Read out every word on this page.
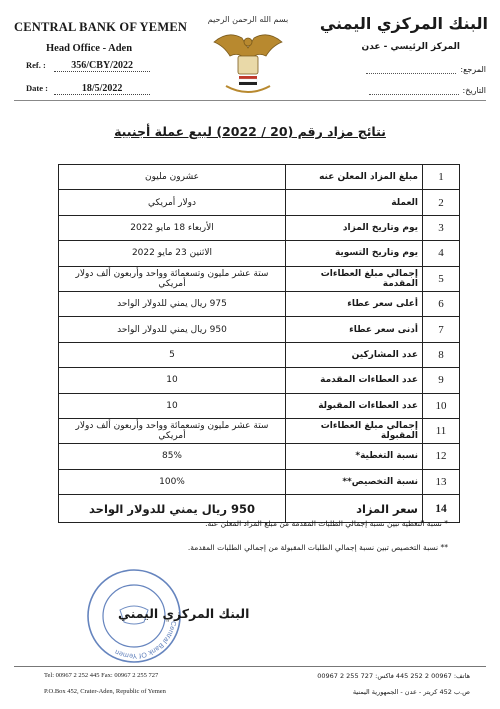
CENTRAL BANK OF YEMEN
Head Office - Aden
Ref. :	356/CBY/2022
Date :	18/5/2022
بسم الله الرحمن الرحيم البنك المركزي اليمني
المركز الرئيسي - عدن
المرجع:
التاريخ:
نتائج مزاد رقم (20 / 2022) لبيع عملة أجنبية
1	مبلغ المزاد المعلن عنه	عشرون مليون
2	العملة	دولار أمريكي
3	يوم وتاريخ المزاد	الأربعاء 18 مايو 2022
4	يوم وتاريخ التسوية	الاثنين 23 مايو 2022
5	إجمالي مبلغ العطاءات المقدمة	ستة عشر مليون وتسعمائة وواحد وأربعون ألف دولار أمريكي
6	أعلى سعر عطاء	975 ريال يمني للدولار الواحد
7	أدنى سعر عطاء	950 ريال يمني للدولار الواحد
8	عدد المشاركين	5
9	عدد العطاءات المقدمة	10
10	عدد العطاءات المقبولة	10
11	إجمالي مبلغ العطاءات المقبولة	ستة عشر مليون وتسعمائة وواحد وأربعون ألف دولار أمريكي
12	نسبة التغطية*	85%
13	نسبة التخصيص**	100%
14	سعر المزاد	950 ريال يمني للدولار الواحد
* نسبة التغطية تبين نسبة إجمالي الطلبات المقدمة من مبلغ المزاد المعلن عنه.
** نسبة التخصيص تبين نسبة إجمالي الطلبات المقبولة من إجمالي الطلبات المقدمة.
Central Bank Of Yemen
البنك المركزي اليمني
Tel: 00967 2 252 445 Fax: 00967 2 255 727
P.O.Box 452, Crater-Aden, Republic of Yemen
هاتف: 00967 2 252 445 فاكس: 727 255 2 00967
ص.ب 452 كريتر - عدن - الجمهورية اليمنية
